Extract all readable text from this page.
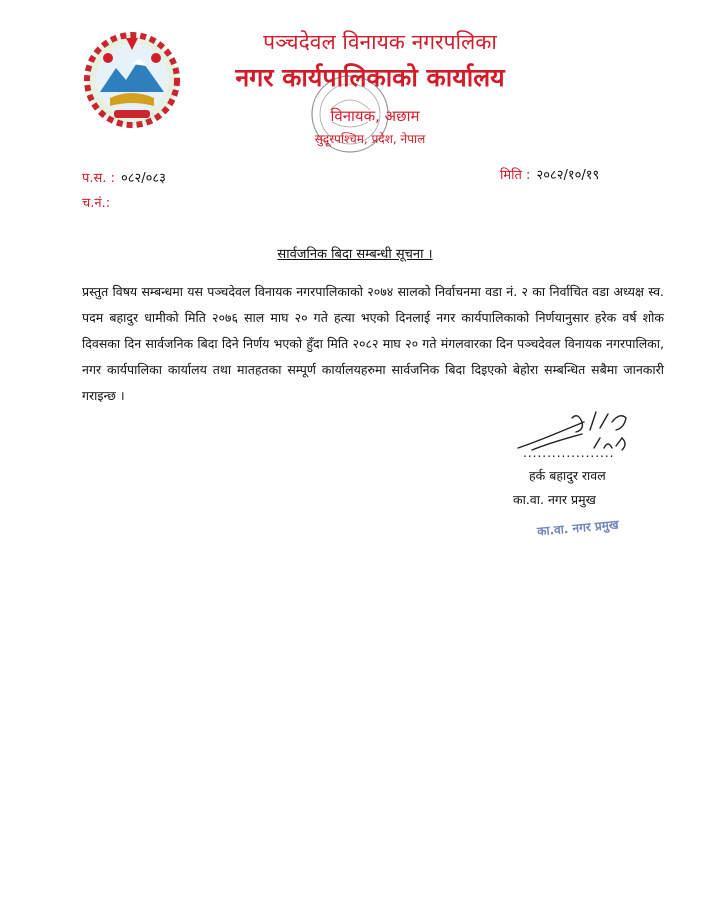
पञ्चदेवल विनायक नगरपलिका
नगर कार्यपालिकाको कार्यालय
विनायक, अछाम
सुदूरपश्चिम, प्रदेश, नेपाल
प.स. : ०८२/०८३
च.नं.:
मिति : २०८२/१०/१९
सार्वजनिक बिदा सम्बन्धी सूचना ।
प्रस्तुत विषय सम्बन्धमा यस पञ्चदेवल विनायक नगरपालिकाको २०७४ सालको निर्वाचनमा वडा नं. २ का निर्वाचित वडा अध्यक्ष स्व. पदम बहादुर धामीको मिति २०७६ साल माघ २० गते हत्या भएको दिनलाई नगर कार्यपालिकाको निर्णयानुसार हरेक वर्ष शोक दिवसका दिन सार्वजनिक बिदा दिने निर्णय भएको हुँदा मिति २०८२ माघ २० गते मंगलवारका दिन पञ्चदेवल विनायक नगरपालिका, नगर कार्यपालिका कार्यालय तथा मातहतका सम्पूर्ण कार्यालयहरुमा सार्वजनिक बिदा दिइएको बेहोरा सम्बन्धित सबैमा जानकारी गराइन्छ ।
...................
हर्क बहादुर रावल
का.वा. नगर प्रमुख
का.वा. नगर प्रमुख
